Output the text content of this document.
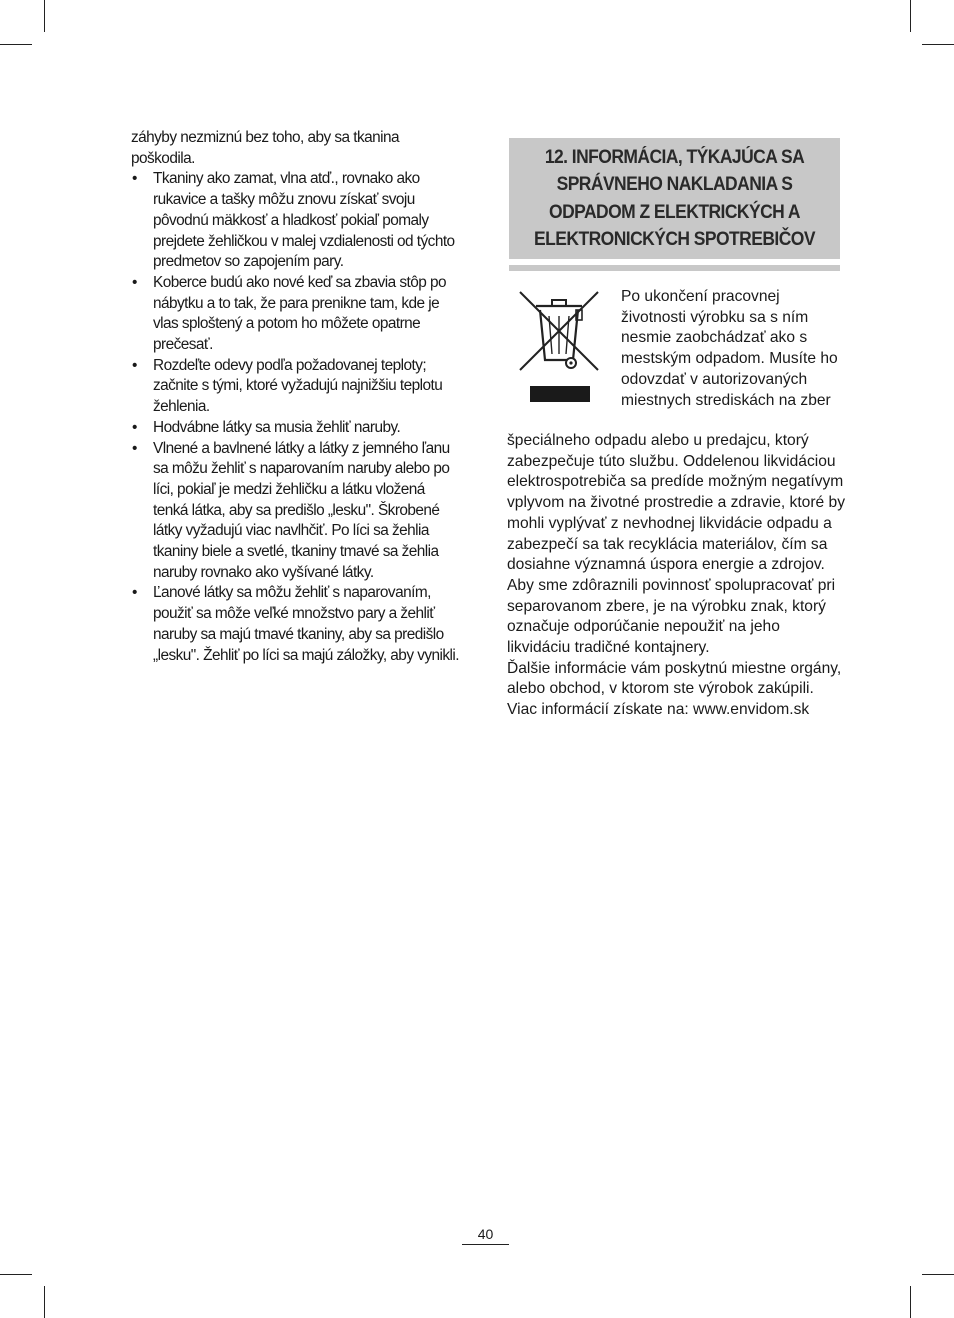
záhyby nezmiznú bez toho, aby sa tkanina poškodila.

• Tkaniny ako zamat, vlna atď., rovnako ako rukavice a tašky môžu znovu získať svoju pôvodnú mäkkosť a hladkosť pokiaľ pomaly prejdete žehličkou v malej vzdialenosti od týchto predmetov so zapojením pary.
• Koberce budú ako nové keď sa zbavia stôp po nábytku a to tak, že para prenikne tam, kde je vlas sploštený a potom ho môžete opatrne prečesať.
• Rozdeľte odevy podľa požadovanej teploty; začnite s tými, ktoré vyžadujú najnižšiu teplotu žehlenia.
• Hodvábne látky sa musia žehliť naruby.
• Vlnené a bavlnené látky a látky z jemného ľanu sa môžu žehliť s naparovaním naruby alebo po líci, pokiaľ je medzi žehličku a látku vložená tenká látka, aby sa predišlo „lesku". Škrobené látky vyžadujú viac navlhčiť. Po líci sa žehlia tkaniny biele a svetlé, tkaniny tmavé sa žehlia naruby rovnako ako vyšívané látky.
• Ľanové látky sa môžu žehliť s naparovaním, použiť sa môže veľké množstvo pary a žehliť naruby sa majú tmavé tkaniny, aby sa predišlo „lesku". Žehliť po líci sa majú záložky, aby vynikli.
12. INFORMÁCIA, TÝKAJÚCA SA SPRÁVNEHO NAKLADANIA S ODPADOM Z ELEKTRICKÝCH A ELEKTRONICKÝCH SPOTREBIČOV

Po ukončení pracovnej životnosti výrobku sa s ním nesmie zaobchádzať ako s mestským odpadom. Musíte ho odovzdať v autorizovaných miestnych strediskách na zber

špeciálneho odpadu alebo u predajcu, ktorý zabezpečuje túto službu. Oddelenou likvidáciou elektrospotrebiča sa predíde možným negatívym vplyvom na životné prostredie a zdravie, ktoré by mohli vyplývať z nevhodnej likvidácie odpadu a zabezpečí sa tak recyklácia materiálov, čím sa dosiahne významná úspora energie a zdrojov.

Aby sme zdôraznili povinnosť spolupracovať pri separovanom zbere, je na výrobku znak, ktorý označuje odporúčanie nepoužiť na jeho likvidáciu tradičné kontajnery.

Ďalšie informácie vám poskytnú miestne orgány, alebo obchod, v ktorom ste výrobok zakúpili.

Viac informácií získate na: www.envidom.sk

40
